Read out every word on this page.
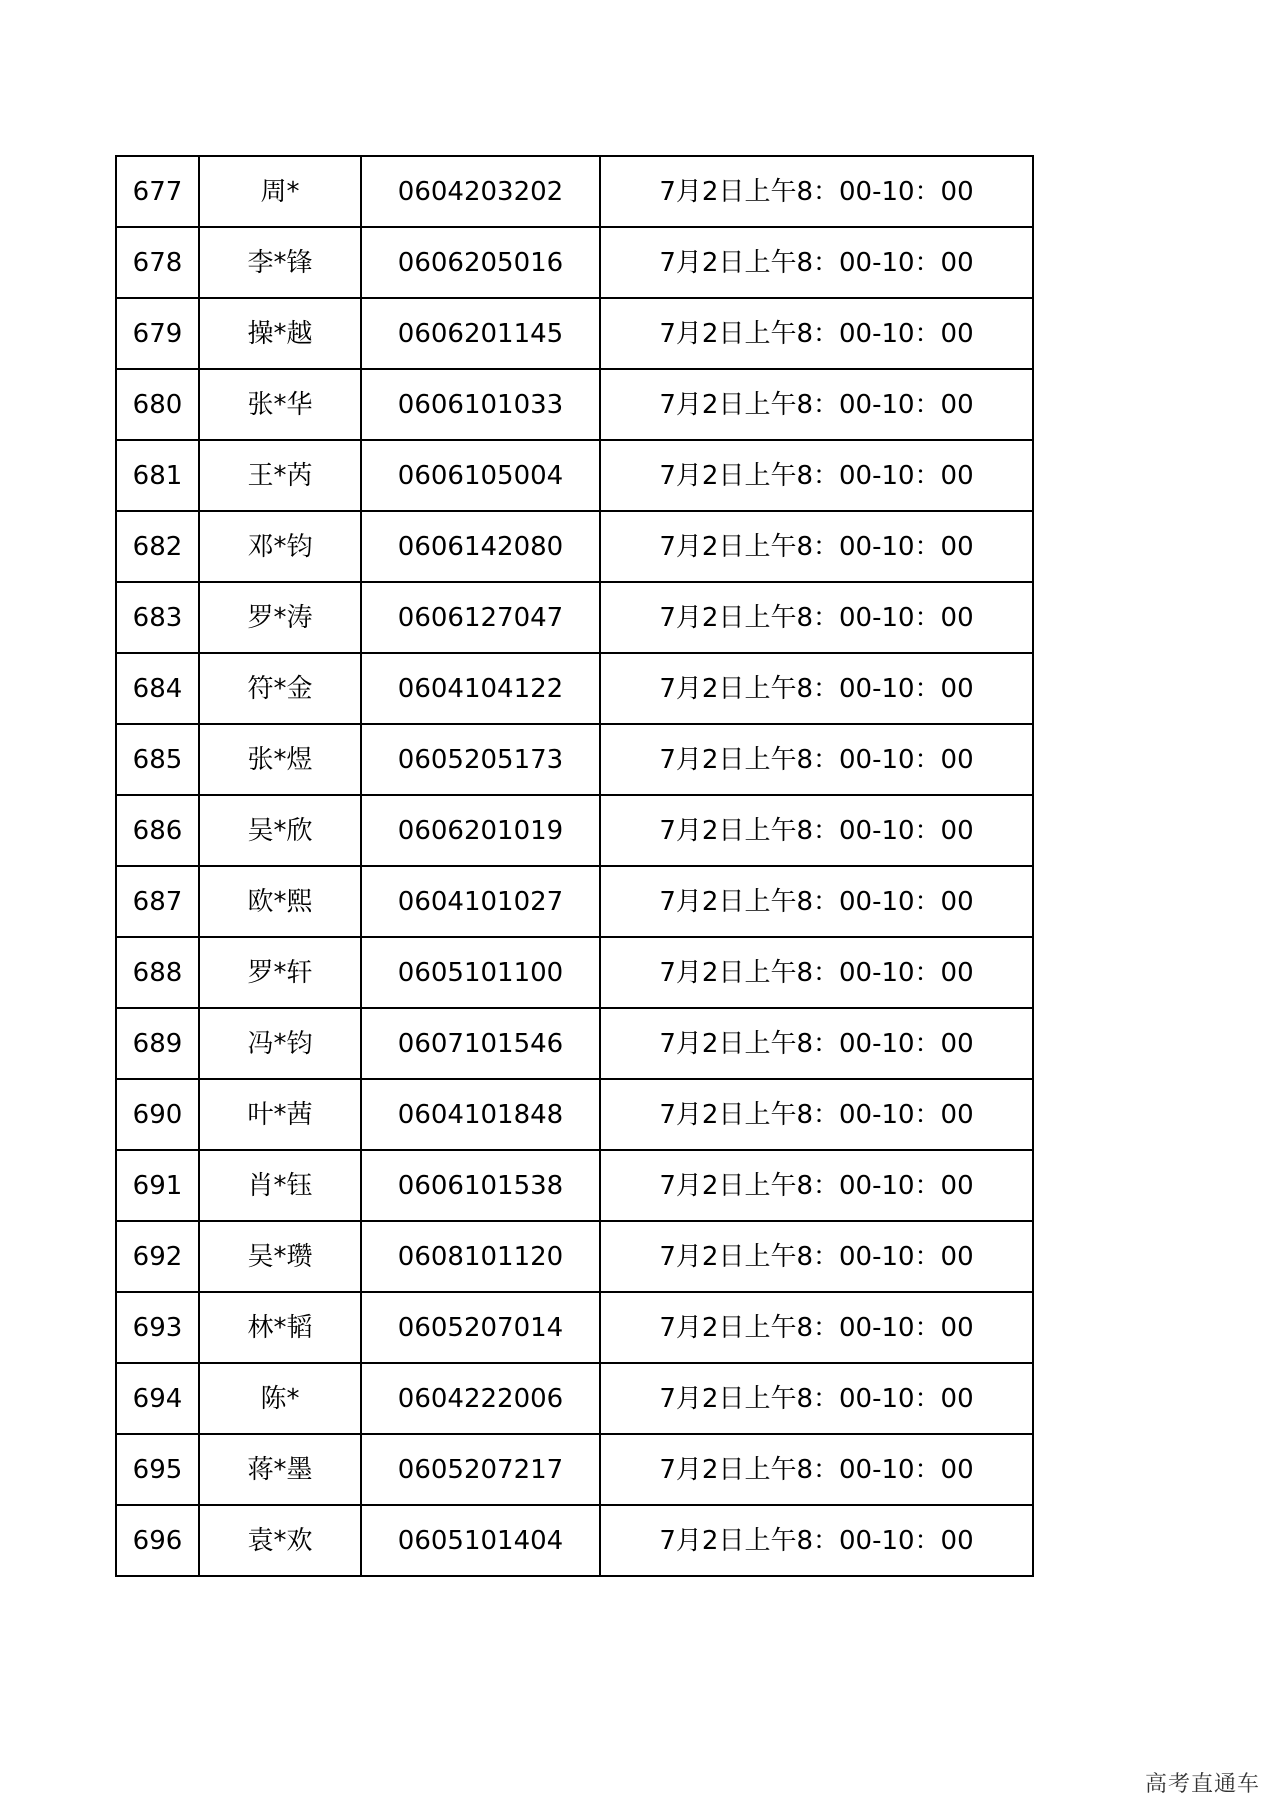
677	周*	0604203202	7月2日上午8：00-10：00
678	李*锋	0606205016	7月2日上午8：00-10：00
679	操*越	0606201145	7月2日上午8：00-10：00
680	张*华	0606101033	7月2日上午8：00-10：00
681	王*芮	0606105004	7月2日上午8：00-10：00
682	邓*钧	0606142080	7月2日上午8：00-10：00
683	罗*涛	0606127047	7月2日上午8：00-10：00
684	符*金	0604104122	7月2日上午8：00-10：00
685	张*煜	0605205173	7月2日上午8：00-10：00
686	吴*欣	0606201019	7月2日上午8：00-10：00
687	欧*熙	0604101027	7月2日上午8：00-10：00
688	罗*轩	0605101100	7月2日上午8：00-10：00
689	冯*钧	0607101546	7月2日上午8：00-10：00
690	叶*茜	0604101848	7月2日上午8：00-10：00
691	肖*钰	0606101538	7月2日上午8：00-10：00
692	吴*瓒	0608101120	7月2日上午8：00-10：00
693	林*韬	0605207014	7月2日上午8：00-10：00
694	陈*	0604222006	7月2日上午8：00-10：00
695	蒋*墨	0605207217	7月2日上午8：00-10：00
696	袁*欢	0605101404	7月2日上午8：00-10：00
高考直通车
